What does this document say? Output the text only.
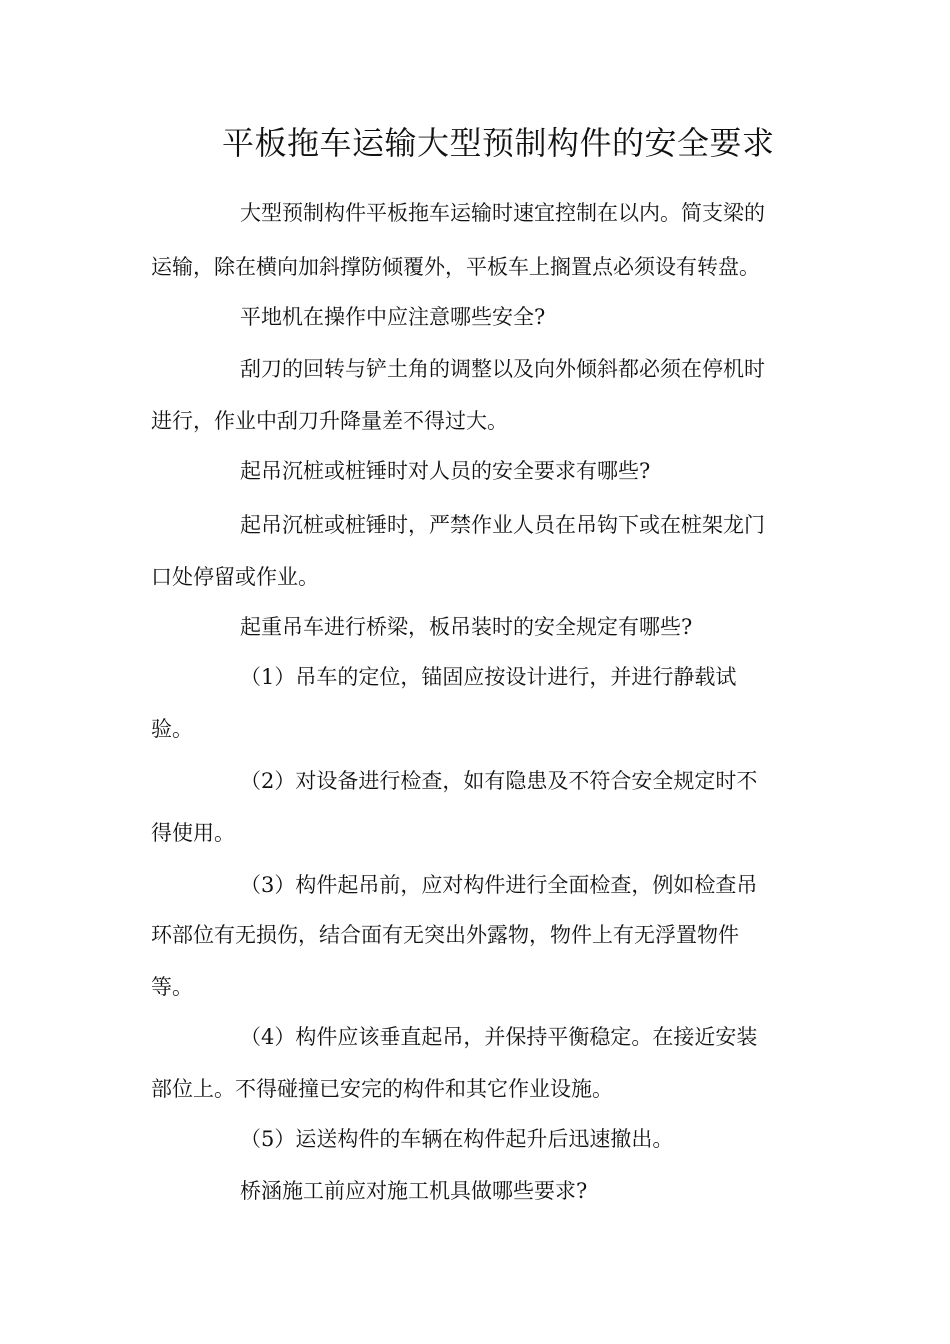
平板拖车运输大型预制构件的安全要求
大型预制构件平板拖车运输时速宜控制在以内。简支梁的
运输，除在横向加斜撑防倾覆外，平板车上搁置点必须设有转盘。
平地机在操作中应注意哪些安全?
刮刀的回转与铲土角的调整以及向外倾斜都必须在停机时
进行，作业中刮刀升降量差不得过大。
起吊沉桩或桩锤时对人员的安全要求有哪些?
起吊沉桩或桩锤时，严禁作业人员在吊钩下或在桩架龙门
口处停留或作业。
起重吊车进行桥梁，板吊装时的安全规定有哪些?
（1）吊车的定位，锚固应按设计进行，并进行静载试
验。
（2）对设备进行检查，如有隐患及不符合安全规定时不
得使用。
（3）构件起吊前，应对构件进行全面检查，例如检查吊
环部位有无损伤，结合面有无突出外露物，物件上有无浮置物件
等。
（4）构件应该垂直起吊，并保持平衡稳定。在接近安装
部位上。不得碰撞已安完的构件和其它作业设施。
（5）运送构件的车辆在构件起升后迅速撤出。
桥涵施工前应对施工机具做哪些要求?
